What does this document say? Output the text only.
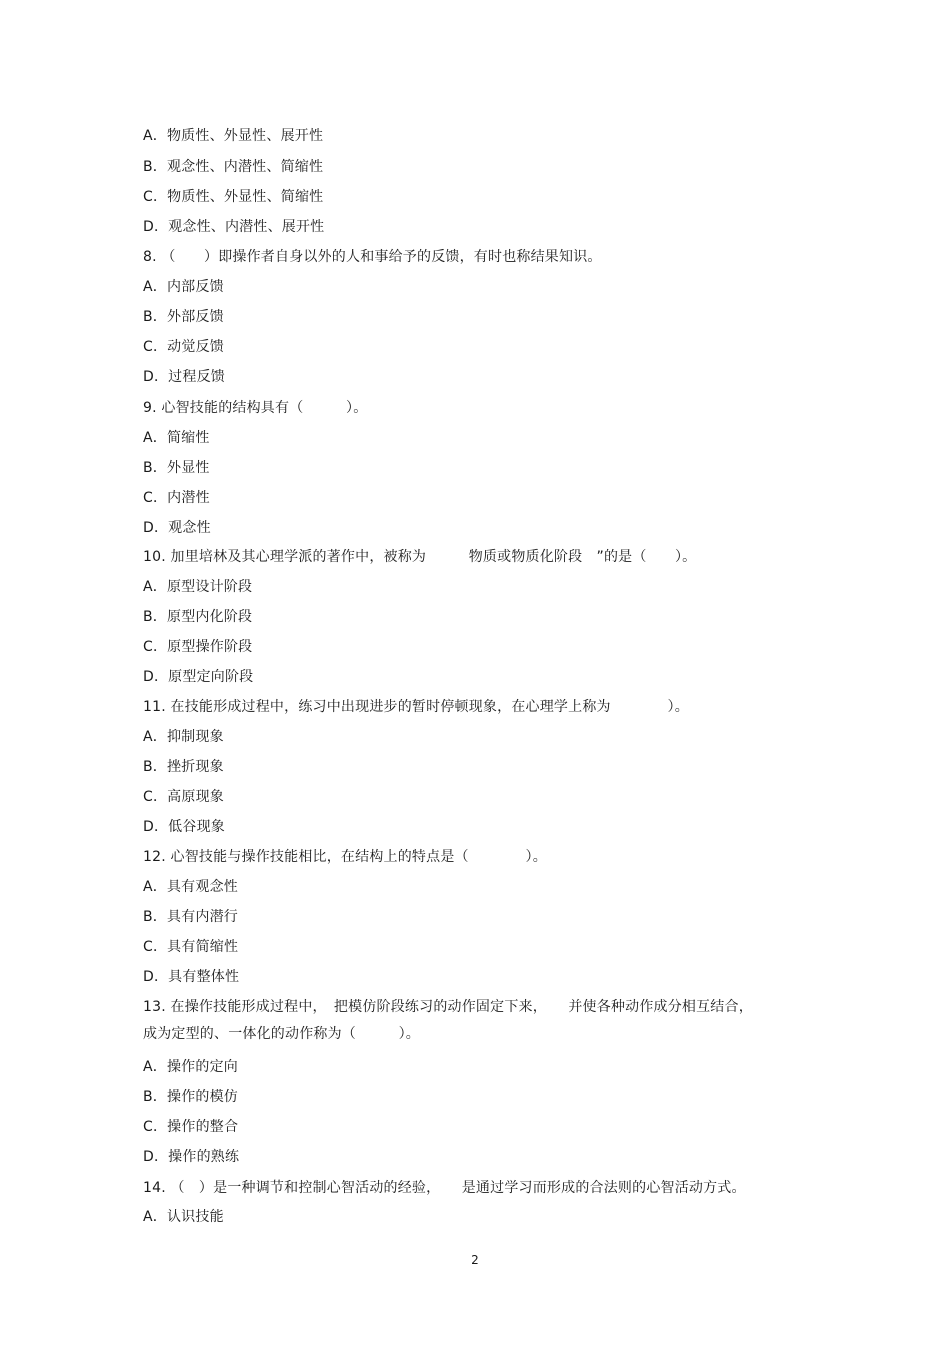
A．物质性、外显性、展开性
B．观念性、内潜性、简缩性
C．物质性、外显性、简缩性
D．观念性、内潜性、展开性
8. （　　）即操作者自身以外的人和事给予的反馈，有时也称结果知识。
A．内部反馈
B．外部反馈
C．动觉反馈
D．过程反馈
9. 心智技能的结构具有（　　　）。
A．简缩性
B．外显性
C．内潜性
D．观念性
10. 加里培林及其心理学派的著作中，被称为　　　物质或物质化阶段　”的是（　　）。
A．原型设计阶段
B．原型内化阶段
C．原型操作阶段
D．原型定向阶段
11. 在技能形成过程中，练习中出现进步的暂时停顿现象，在心理学上称为　　　　）。
A．抑制现象
B．挫折现象
C．高原现象
D．低谷现象
12. 心智技能与操作技能相比，在结构上的特点是（　　　　）。
A．具有观念性
B．具有内潜行
C．具有简缩性
D．具有整体性
13. 在操作技能形成过程中，　把模仿阶段练习的动作固定下来，　　并使各种动作成分相互结合，
成为定型的、一体化的动作称为（　　　）。
A．操作的定向
B．操作的模仿
C．操作的整合
D．操作的熟练
14. （　）是一种调节和控制心智活动的经验，　　是通过学习而形成的合法则的心智活动方式。
A．认识技能
2
